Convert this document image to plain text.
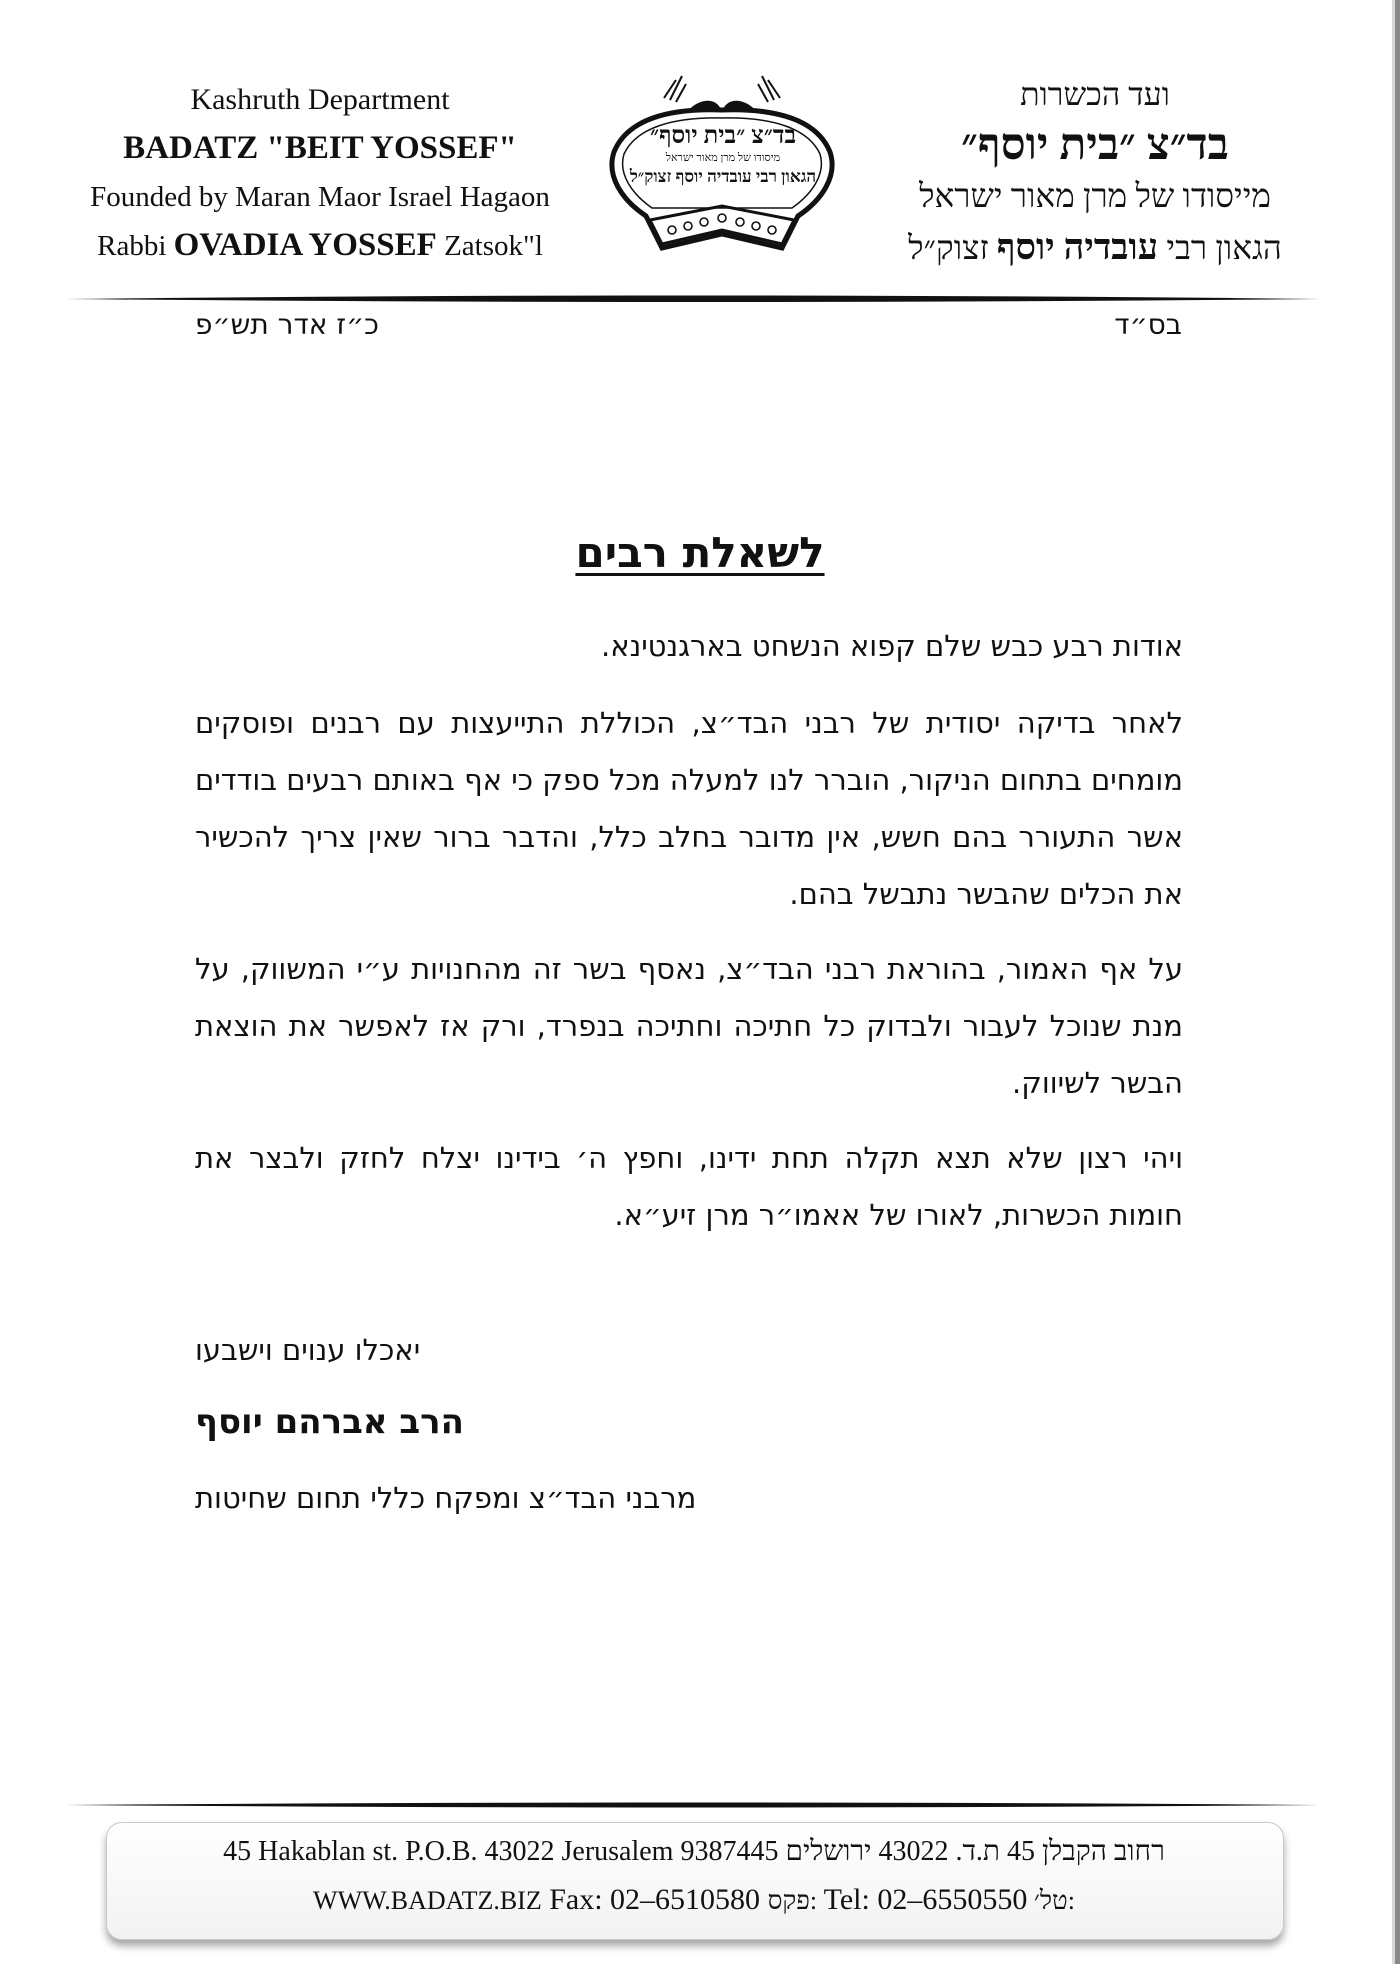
Kashruth Department
BADATZ "BEIT YOSSEF"
Founded by Maran Maor Israel Hagaon
Rabbi OVADIA YOSSEF Zatsok"l
בד״צ ״בית יוסף״
מיסודו של מרן מאור ישראל
הגאון רבי עובדיה יוסף זצוק״ל
ועד הכשרות
בד״צ ״בית יוסף״
מייסודו של מרן מאור ישראל
הגאון רבי עובדיה יוסף זצוק״ל
כ״ז אדר תש״פ	בס״ד
לשאלת רבים

אודות רבע כבש שלם קפוא הנשחט בארגנטינא.

לאחר בדיקה יסודית של רבני הבד״צ, הכוללת התייעצות עם רבנים ופוסקים מומחים בתחום הניקור, הוברר לנו למעלה מכל ספק כי אף באותם רבעים בודדים אשר התעורר בהם חשש, אין מדובר בחלב כלל, והדבר ברור שאין צריך להכשיר את הכלים שהבשר נתבשל בהם.

על אף האמור, בהוראת רבני הבד״צ, נאסף בשר זה מהחנויות ע״י המשווק, על מנת שנוכל לעבור ולבדוק כל חתיכה וחתיכה בנפרד, ורק אז לאפשר את הוצאת הבשר לשיווק.

ויהי רצון שלא תצא תקלה תחת ידינו, וחפץ ה׳ בידינו יצלח לחזק ולבצר את חומות הכשרות, לאורו של אאמו״ר מרן זיע״א.

יאכלו ענוים וישבעו
הרב אברהם יוסף
מרבני הבד״צ ומפקח כללי תחום שחיטות
45 Hakablan st. P.O.B. 43022 Jerusalem 9387445 רחוב הקבלן 45 ת.ד. 43022 ירושלים
WWW.BADATZ.BIZ Fax: 02–6510580 פקס: Tel: 02–6550550 טל׳:
